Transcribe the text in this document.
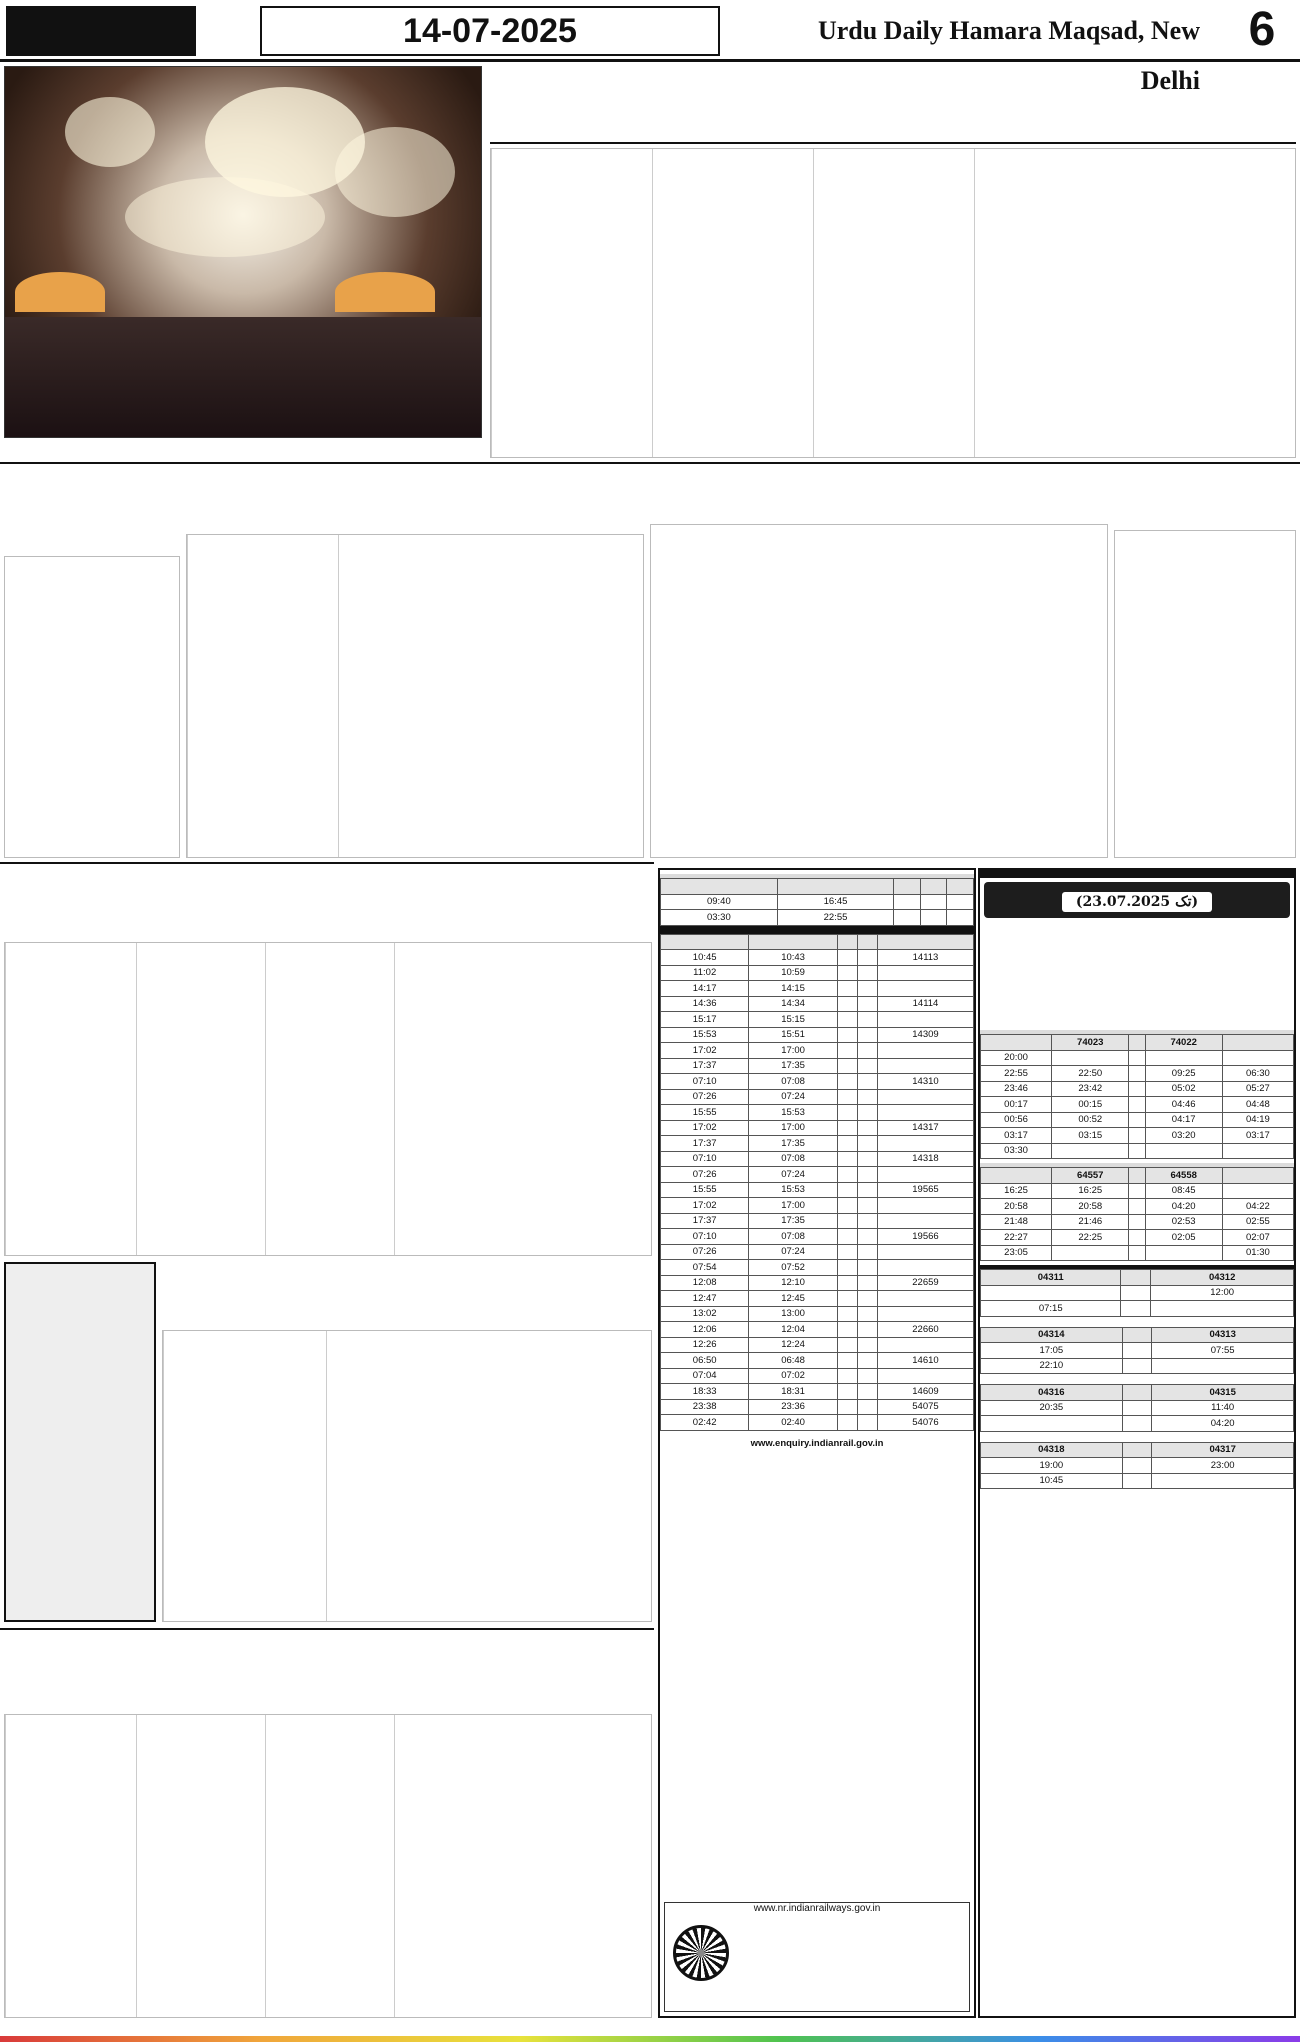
14-07-2025	Urdu Daily Hamara Maqsad, New Delhi
6

09:40	16:45			
03:30	22:55			

10:45	10:43			14113
11:02	10:59			
14:17	14:15			
14:36	14:34			14114
15:17	15:15			
15:53	15:51			14309
17:02	17:00			
17:37	17:35			
07:10	07:08			14310
07:26	07:24			
15:55	15:53			
17:02	17:00			14317
17:37	17:35			
07:10	07:08			14318
07:26	07:24			
15:55	15:53			19565
17:02	17:00			
17:37	17:35			
07:10	07:08			19566
07:26	07:24			
07:54	07:52			
12:08	12:10			22659
12:47	12:45			
13:02	13:00			
12:06	12:04			22660
12:26	12:24			
06:50	06:48			14610
07:04	07:02			
18:33	18:31			14609
23:38	23:36			54075
02:42	02:40			54076
www.enquiry.indianrail.gov.in
www.nr.indianrailways.gov.in
(23.07.2025 تک)
	74023		74022	
20:00				
22:55	22:50		09:25	06:30
23:46	23:42		05:02	05:27
00:17	00:15		04:46	04:48
00:56	00:52		04:17	04:19
03:17	03:15		03:20	03:17
03:30				
	64557		64558	
16:25	16:25		08:45	
20:58	20:58		04:20	04:22
21:48	21:46		02:53	02:55
22:27	22:25		02:05	02:07
23:05				01:30
04311		04312
		12:00
07:15		
04314		04313
17:05		07:55
22:10		
04316		04315
20:35		11:40
		04:20
04318		04317
19:00		23:00
10:45		
